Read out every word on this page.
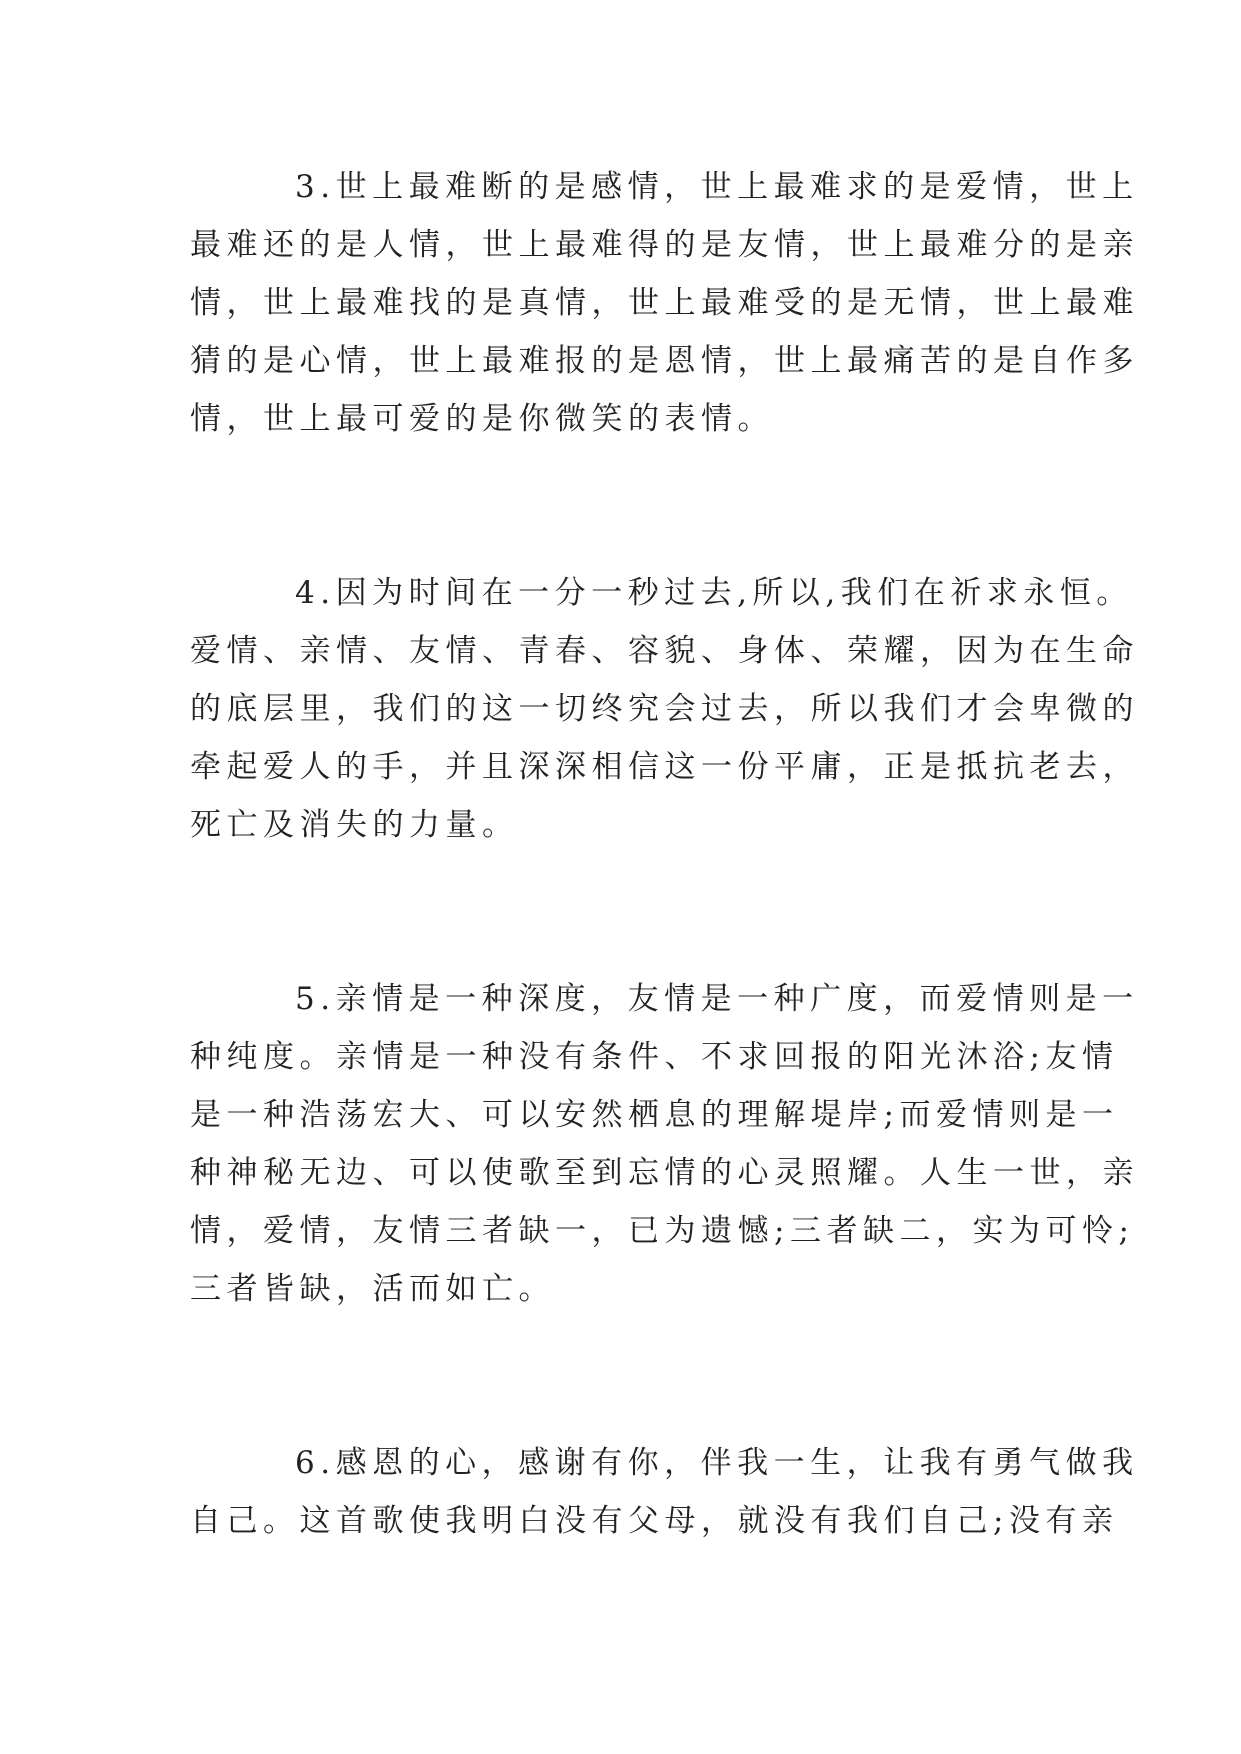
3.世上最难断的是感情，世上最难求的是爱情，世上
最难还的是人情，世上最难得的是友情，世上最难分的是亲
情，世上最难找的是真情，世上最难受的是无情，世上最难
猜的是心情，世上最难报的是恩情，世上最痛苦的是自作多
情，世上最可爱的是你微笑的表情。
4.因为时间在一分一秒过去,所以,我们在祈求永恒。
爱情、亲情、友情、青春、容貌、身体、荣耀，因为在生命
的底层里，我们的这一切终究会过去，所以我们才会卑微的
牵起爱人的手，并且深深相信这一份平庸，正是抵抗老去，
死亡及消失的力量。
5.亲情是一种深度，友情是一种广度，而爱情则是一
种纯度。亲情是一种没有条件、不求回报的阳光沐浴;友情
是一种浩荡宏大、可以安然栖息的理解堤岸;而爱情则是一
种神秘无边、可以使歌至到忘情的心灵照耀。人生一世，亲
情，爱情，友情三者缺一，已为遗憾;三者缺二，实为可怜;
三者皆缺，活而如亡。
6.感恩的心，感谢有你，伴我一生，让我有勇气做我
自己。这首歌使我明白没有父母，就没有我们自己;没有亲
